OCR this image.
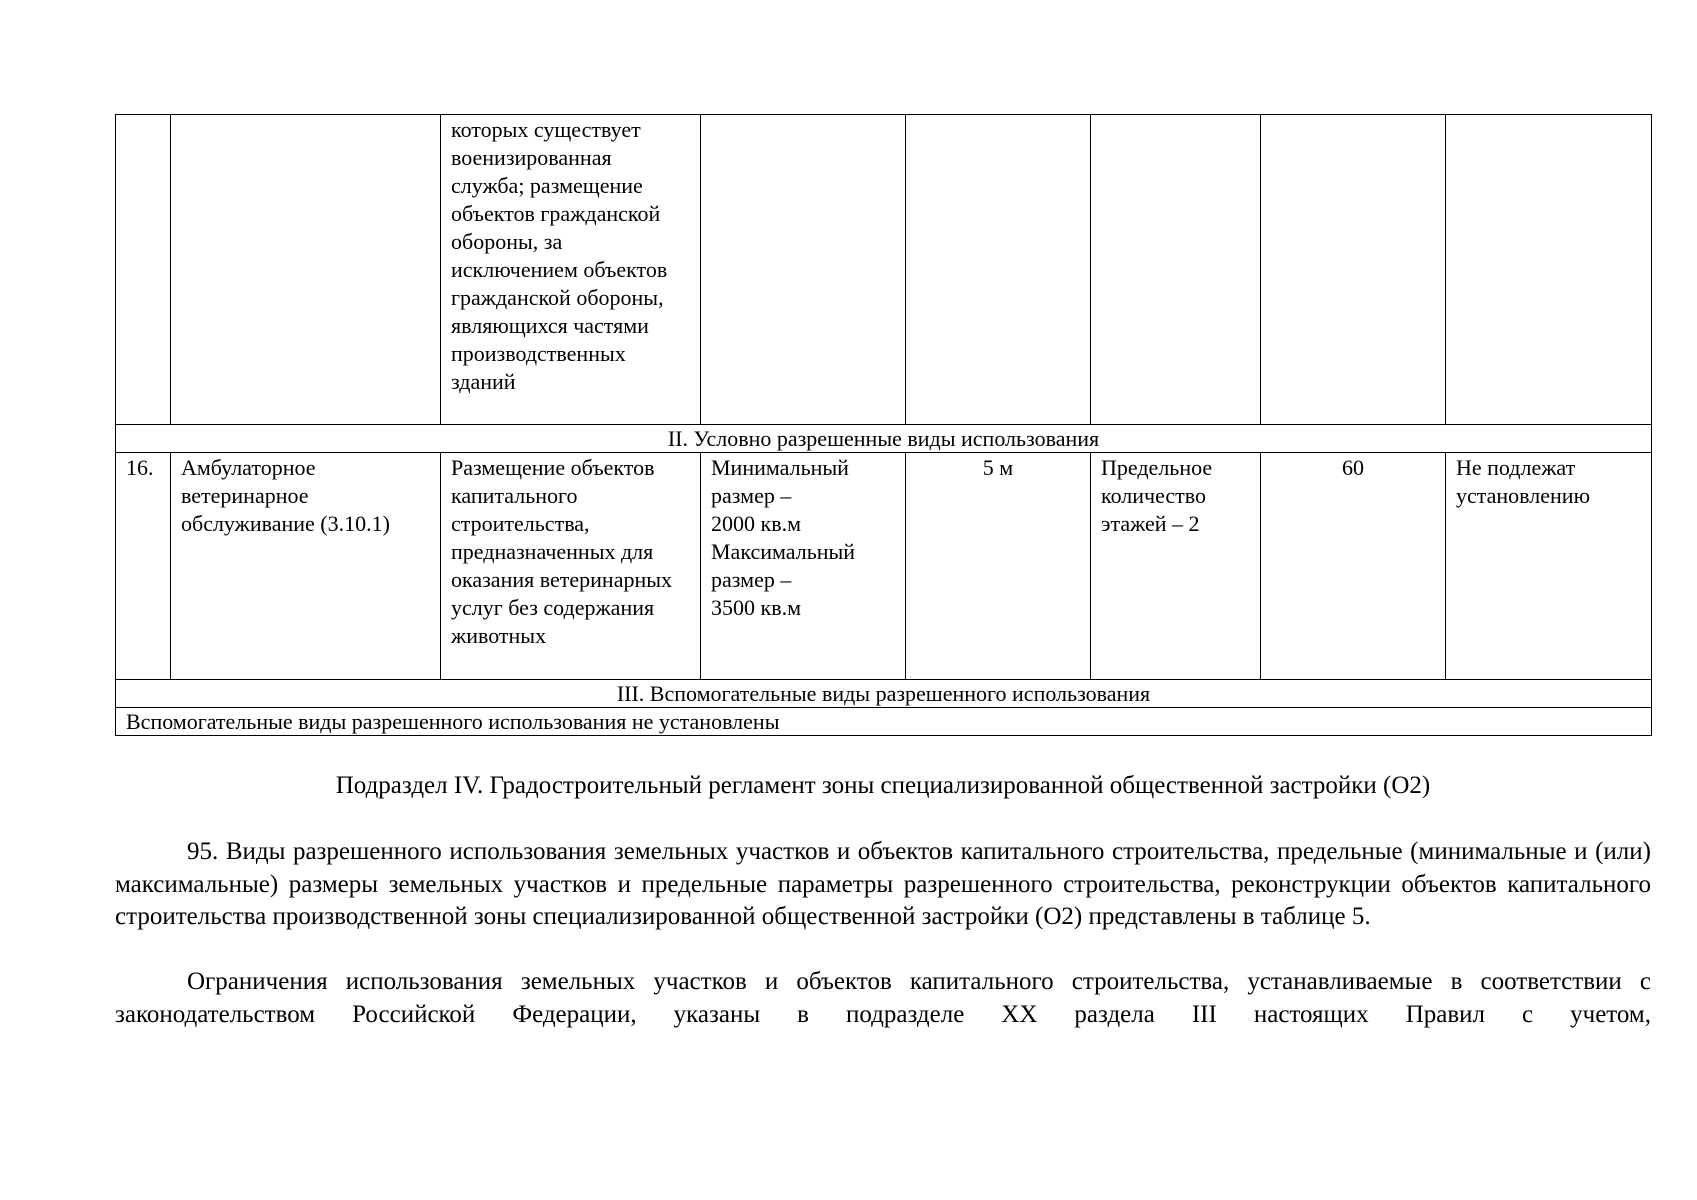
		которых существует военизированная служба; размещение объектов гражданской обороны, за исключением объектов гражданской обороны, являющихся частями производственных зданий					
II. Условно разрешенные виды использования							
16.	Амбулаторное ветеринарное обслуживание (3.10.1)	Размещение объектов капитального строительства, предназначенных для оказания ветеринарных услуг без содержания животных	Минимальный размер –
2000 кв.м
Максимальный размер –
3500 кв.м	5 м	Предельное количество этажей – 2	60	Не подлежат установлению
III. Вспомогательные виды разрешенного использования							
Вспомогательные виды разрешенного использования не установлены							
Подраздел IV. Градостроительный регламент зоны специализированной общественной застройки (О2)

95. Виды разрешенного использования земельных участков и объектов капитального строительства, предельные (минимальные и (или) максимальные) размеры земельных участков и предельные параметры разрешенного строительства, реконструкции объектов капитального строительства производственной зоны специализированной общественной застройки (О2) представлены в таблице 5.

Ограничения использования земельных участков и объектов капитального строительства, устанавливаемые в соответствии с законодательством Российской Федерации, указаны в подразделе XX раздела III настоящих Правил с учетом,
